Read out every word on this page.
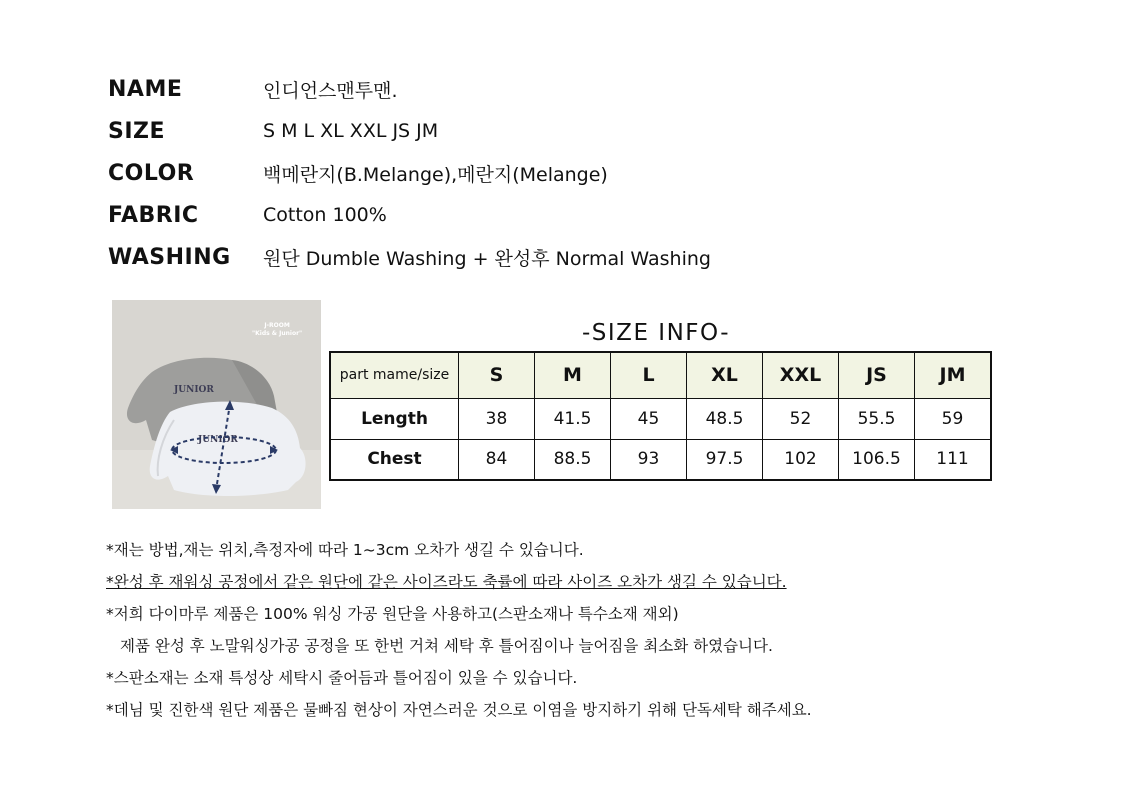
NAME	인디언스맨투맨.
SIZE	S M L XL XXL JS JM
COLOR	백메란지(B.Melange),메란지(Melange)
FABRIC	Cotton 100%
WASHING	원단 Dumble Washing + 완성후 Normal Washing
JUNIOR
JUNIOR
J-ROOM
"Kids & Junior"	-SIZE INFO-
part mame/size	S	M	L	XL	XXL	JS	JM
Length	38	41.5	45	48.5	52	55.5	59
Chest	84	88.5	93	97.5	102	106.5	111
*재는 방법,재는 위치,측정자에 따라 1~3cm 오차가 생길 수 있습니다.
*완성 후 재워싱 공정에서 같은 원단에 같은 사이즈라도 축률에 따라 사이즈 오차가 생길 수 있습니다.
*저희 다이마루 제품은 100% 워싱 가공 원단을 사용하고(스판소재나 특수소재 재외)
제품 완성 후 노말워싱가공 공정을 또 한번 거쳐 세탁 후 틀어짐이나 늘어짐을 최소화 하였습니다.
*스판소재는 소재 특성상 세탁시 줄어듬과 틀어짐이 있을 수 있습니다.
*데님 및 진한색 원단 제품은 물빠짐 현상이 자연스러운 것으로 이염을 방지하기 위해 단독세탁 해주세요.
